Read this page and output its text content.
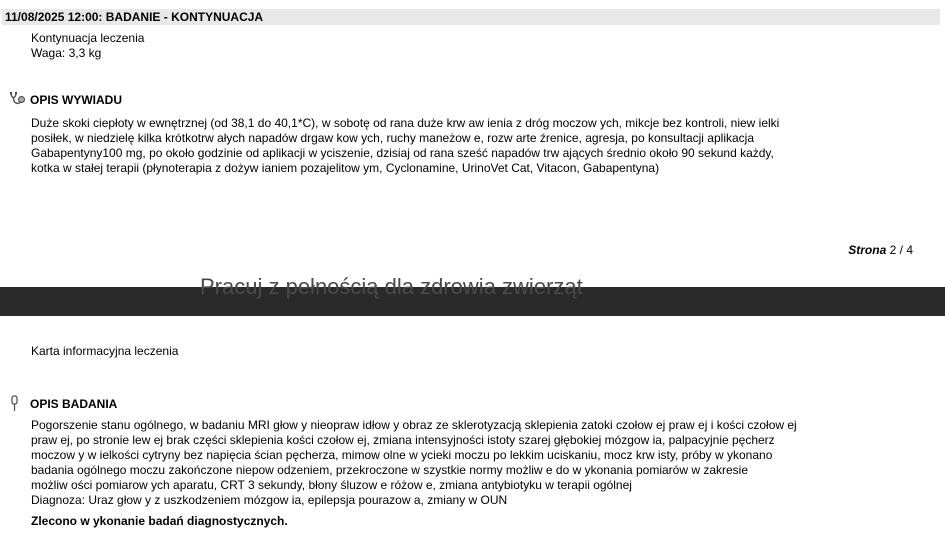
11/08/2025 12:00: BADANIE - KONTYNUACJA
Kontynuacja leczenia
Waga: 3,3 kg
OPIS WYWIADU
Duże skoki ciepłoty w ewnętrznej (od 38,1 do 40,1*C), w sobotę od rana duże krw aw ienia z dróg moczow ych, mikcje bez kontroli, niew ielki
posiłek, w niedzielę kilka krótkotrw ałych napadów drgaw kow ych, ruchy maneżow e, rozw arte źrenice, agresja, po konsultacji aplikacja
Gabapentyny100 mg, po około godzinie od aplikacji w yciszenie, dzisiaj od rana sześć napadów trw ających średnio około 90 sekund każdy,
kotka w stałej terapii (płynoterapia z dożyw ianiem pozajelitow ym, Cyclonamine, UrinoVet Cat, Vitacon, Gabapentyna)
Strona 2 / 4
Pracuj z pełnością dla zdrowia zwierząt
Karta informacyjna leczenia
OPIS BADANIA
Pogorszenie stanu ogólnego, w badaniu MRI głow y nieopraw idłow y obraz ze sklerotyzacją sklepienia zatoki czołow ej praw ej i kości czołow ej
praw ej, po stronie lew ej brak części sklepienia kości czołow ej, zmiana intensyjności istoty szarej głębokiej mózgow ia, palpacyjnie pęcherz
moczow y w ielkości cytryny bez napięcia ścian pęcherza, mimow olne w ycieki moczu po lekkim uciskaniu, mocz krw isty, próby w ykonano
badania ogólnego moczu zakończone niepow odzeniem, przekroczone w szystkie normy możliw e do w ykonania pomiarów w zakresie
możliw ości pomiarow ych aparatu, CRT 3 sekundy, błony śluzow e różow e, zmiana antybiotyku w terapii ogólnej
Diagnoza: Uraz głow y z uszkodzeniem mózgow ia, epilepsja pourazow a, zmiany w OUN
Zlecono w ykonanie badań diagnostycznych.
